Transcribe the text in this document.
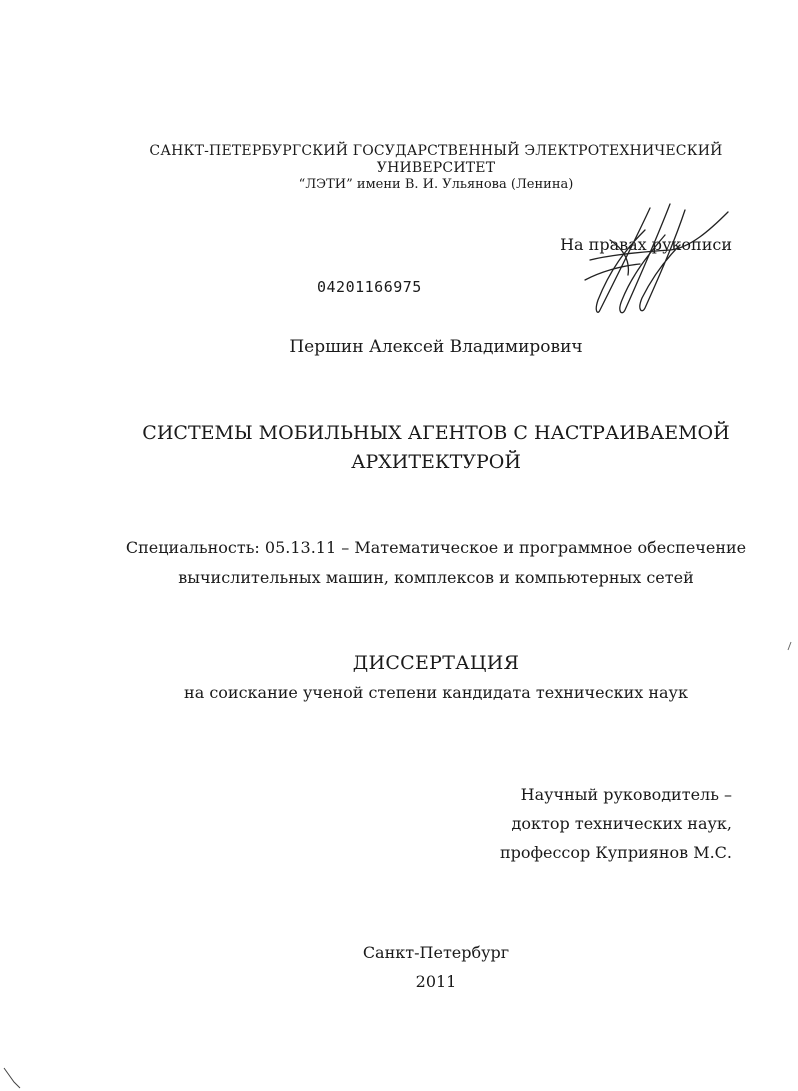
САНКТ-ПЕТЕРБУРГСКИЙ ГОСУДАРСТВЕННЫЙ ЭЛЕКТРОТЕХНИЧЕСКИЙ
УНИВЕРСИТЕТ
“ЛЭТИ” имени В. И. Ульянова (Ленина)
На правах рукописи
04201166975
Першин Алексей Владимирович
СИСТЕМЫ МОБИЛЬНЫХ АГЕНТОВ С НАСТРАИВАЕМОЙ
АРХИТЕКТУРОЙ
Специальность: 05.13.11 – Математическое и программное обеспечение
вычислительных машин, комплексов и компьютерных сетей
ДИССЕРТАЦИЯ
на соискание ученой степени кандидата технических наук
Научный руководитель –
доктор технических наук,
профессор Куприянов М.С.
Санкт-Петербург
2011
